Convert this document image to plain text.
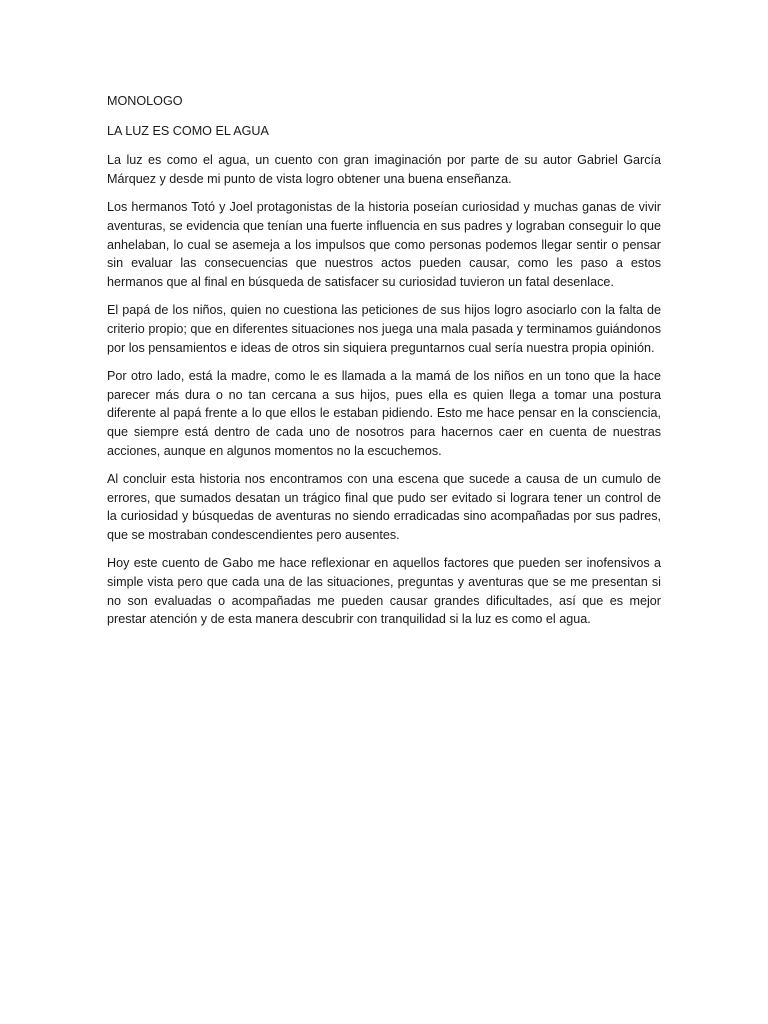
MONOLOGO

LA LUZ ES COMO EL AGUA

La luz es como el agua, un cuento con gran imaginación por parte de su autor Gabriel García Márquez y desde mi punto de vista logro obtener una buena enseñanza.

Los hermanos Totó y Joel protagonistas de la historia poseían curiosidad y muchas ganas de vivir aventuras, se evidencia que tenían una fuerte influencia en sus padres y lograban conseguir lo que anhelaban, lo cual se asemeja a los impulsos que como personas podemos llegar sentir o pensar sin evaluar las consecuencias que nuestros actos pueden causar, como les paso a estos hermanos que al final en búsqueda de satisfacer su curiosidad tuvieron un fatal desenlace.

El papá de los niños, quien no cuestiona las peticiones de sus hijos logro asociarlo con la falta de criterio propio; que en diferentes situaciones nos juega una mala pasada y terminamos guiándonos por los pensamientos e ideas de otros sin siquiera preguntarnos cual sería nuestra propia opinión.

Por otro lado, está la madre, como le es llamada a la mamá de los niños en un tono que la hace parecer más dura o no tan cercana a sus hijos, pues ella es quien llega a tomar una postura diferente al papá frente a lo que ellos le estaban pidiendo. Esto me hace pensar en la consciencia, que siempre está dentro de cada uno de nosotros para hacernos caer en cuenta de nuestras acciones, aunque en algunos momentos no la escuchemos.

Al concluir esta historia nos encontramos con una escena que sucede a causa de un cumulo de errores, que sumados desatan un trágico final que pudo ser evitado si lograra tener un control de la curiosidad y búsquedas de aventuras no siendo erradicadas sino acompañadas por sus padres, que se mostraban condescendientes pero ausentes.

Hoy este cuento de Gabo me hace reflexionar en aquellos factores que pueden ser inofensivos a simple vista pero que cada una de las situaciones, preguntas y aventuras que se me presentan si no son evaluadas o acompañadas me pueden causar grandes dificultades, así que es mejor prestar atención y de esta manera descubrir con tranquilidad si la luz es como el agua.
